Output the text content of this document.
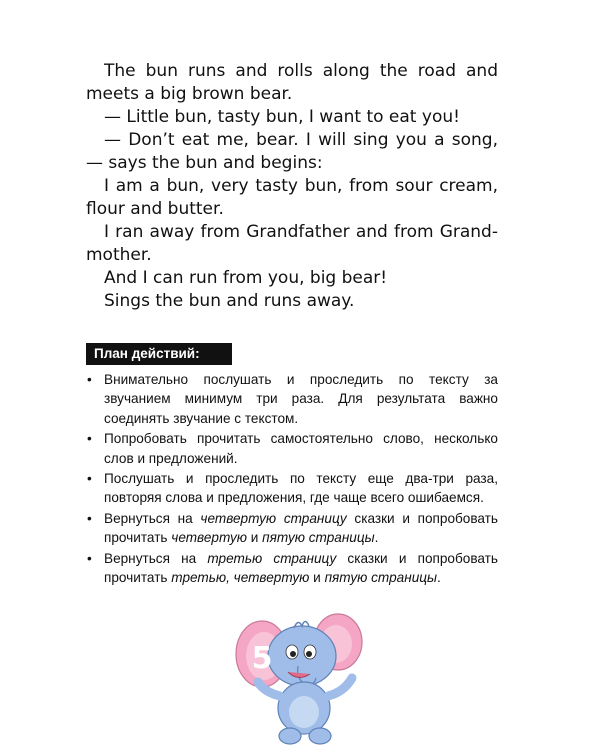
The bun runs and rolls along the road and meets a big brown bear.

— Little bun, tasty bun, I want to eat you!

— Don’t eat me, bear. I will sing you a song, — says the bun and begins:

I am a bun, very tasty bun, from sour cream, flour and butter.

I ran away from Grandfather and from Grand-mother.

And I can run from you, big bear!

Sings the bun and runs away.

План действий:
• Внимательно послушать и проследить по тексту за звучанием минимум три раза. Для результата важно соединять звучание с текстом.
• Попробовать прочитать самостоятельно слово, несколько слов и предложений.
• Послушать и проследить по тексту еще два-три раза, повторяя слова и предложения, где чаще всего ошибаемся.
• Вернуться на четвертую страницу сказки и попробовать прочитать четвертую и пятую страницы.
• Вернуться на третью страницу сказки и попробовать прочитать третью, четвертую и пятую страницы.
5
